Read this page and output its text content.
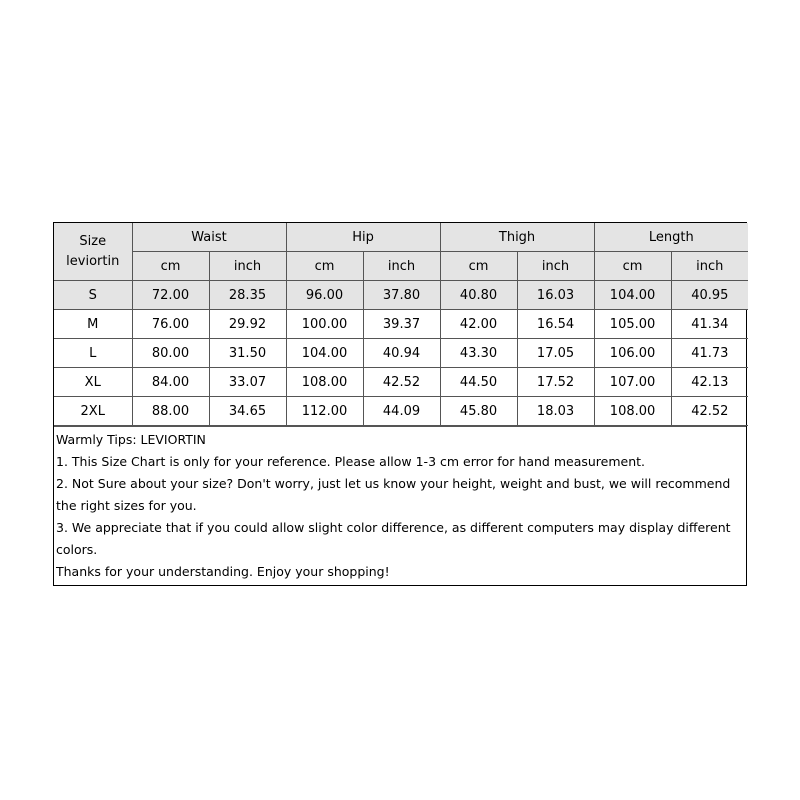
Size
leviortin	Waist		Hip		Thigh		Length	
	cm	inch	cm	inch	cm	inch	cm	inch
S	72.00	28.35	96.00	37.80	40.80	16.03	104.00	40.95
M	76.00	29.92	100.00	39.37	42.00	16.54	105.00	41.34
L	80.00	31.50	104.00	40.94	43.30	17.05	106.00	41.73
XL	84.00	33.07	108.00	42.52	44.50	17.52	107.00	42.13
2XL	88.00	34.65	112.00	44.09	45.80	18.03	108.00	42.52

Warmly Tips: LEVIORTIN

1. This Size Chart is only for your reference. Please allow 1-3 cm error for hand measurement.

2. Not Sure about your size? Don't worry, just let us know your height, weight and bust, we will recommend the right sizes for you.

3. We appreciate that if you could allow slight color difference, as different computers may display different colors.

Thanks for your understanding. Enjoy your shopping!
